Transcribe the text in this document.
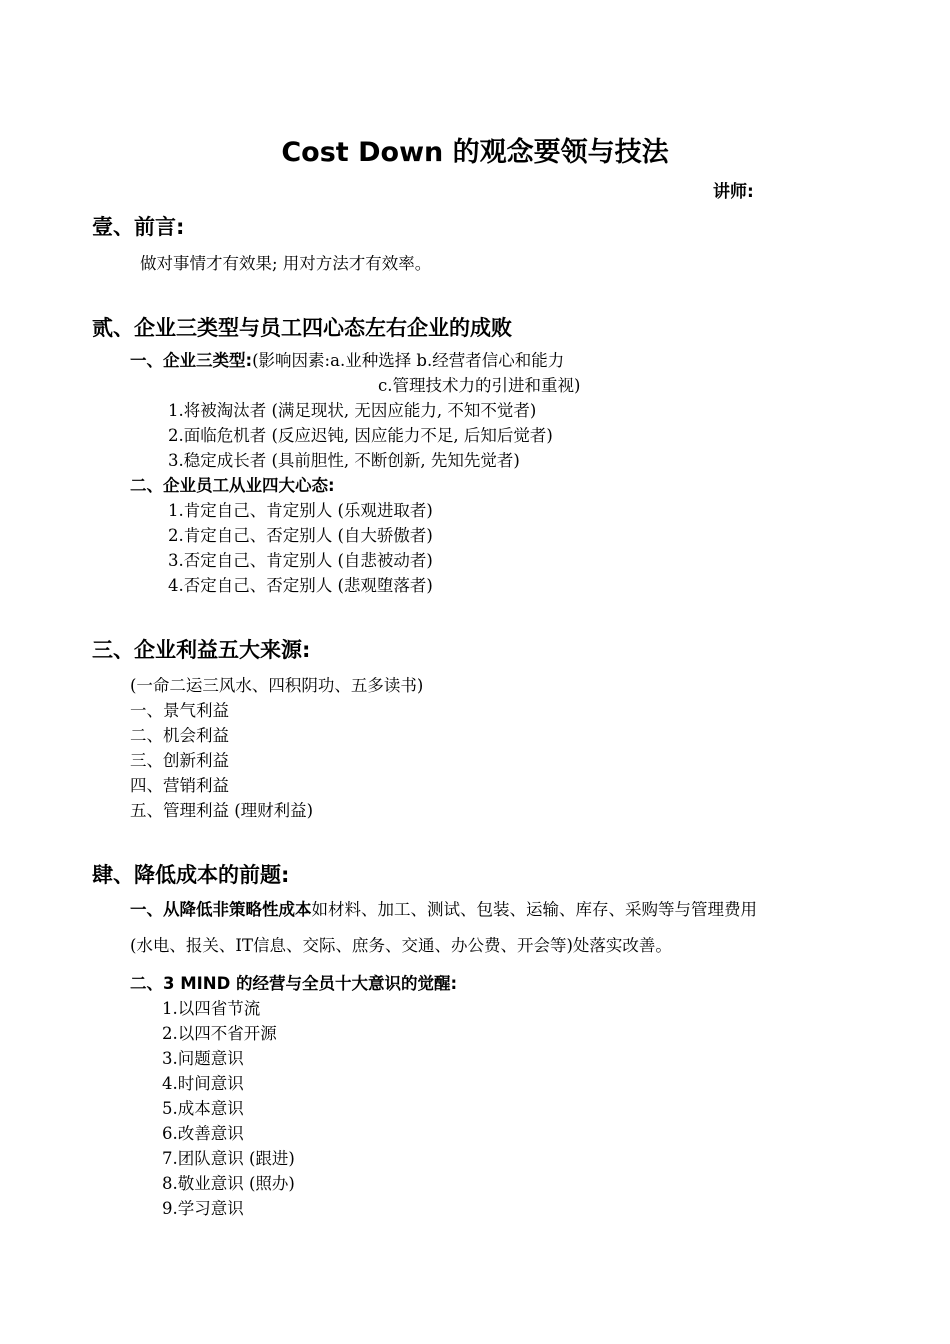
Cost Down 的观念要领与技法
讲师:
壹、前言:
做对事情才有效果; 用对方法才有效率。
贰、企业三类型与员工四心态左右企业的成败
一、企业三类型:(影响因素:a.业种选择 b.经营者信心和能力
c.管理技术力的引进和重视)
1.将被淘汰者 (满足现状, 无因应能力, 不知不觉者)
2.面临危机者 (反应迟钝, 因应能力不足, 后知后觉者)
3.稳定成长者 (具前胆性, 不断创新, 先知先觉者)
二、企业员工从业四大心态:
1.肯定自己、肯定别人 (乐观进取者)
2.肯定自己、否定别人 (自大骄傲者)
3.否定自己、肯定别人 (自悲被动者)
4.否定自己、否定别人 (悲观堕落者)
三、企业利益五大来源:
(一命二运三风水、四积阴功、五多读书)
一、景气利益
二、机会利益
三、创新利益
四、营销利益
五、管理利益 (理财利益)
肆、降低成本的前题:
一、从降低非策略性成本如材料、加工、测试、包装、运输、库存、采购等与管理费用
(水电、报关、IT信息、交际、庶务、交通、办公费、开会等)处落实改善。
二、3 MIND 的经营与全员十大意识的觉醒:
1.以四省节流
2.以四不省开源
3.问题意识
4.时间意识
5.成本意识
6.改善意识
7.团队意识 (跟进)
8.敬业意识 (照办)
9.学习意识
